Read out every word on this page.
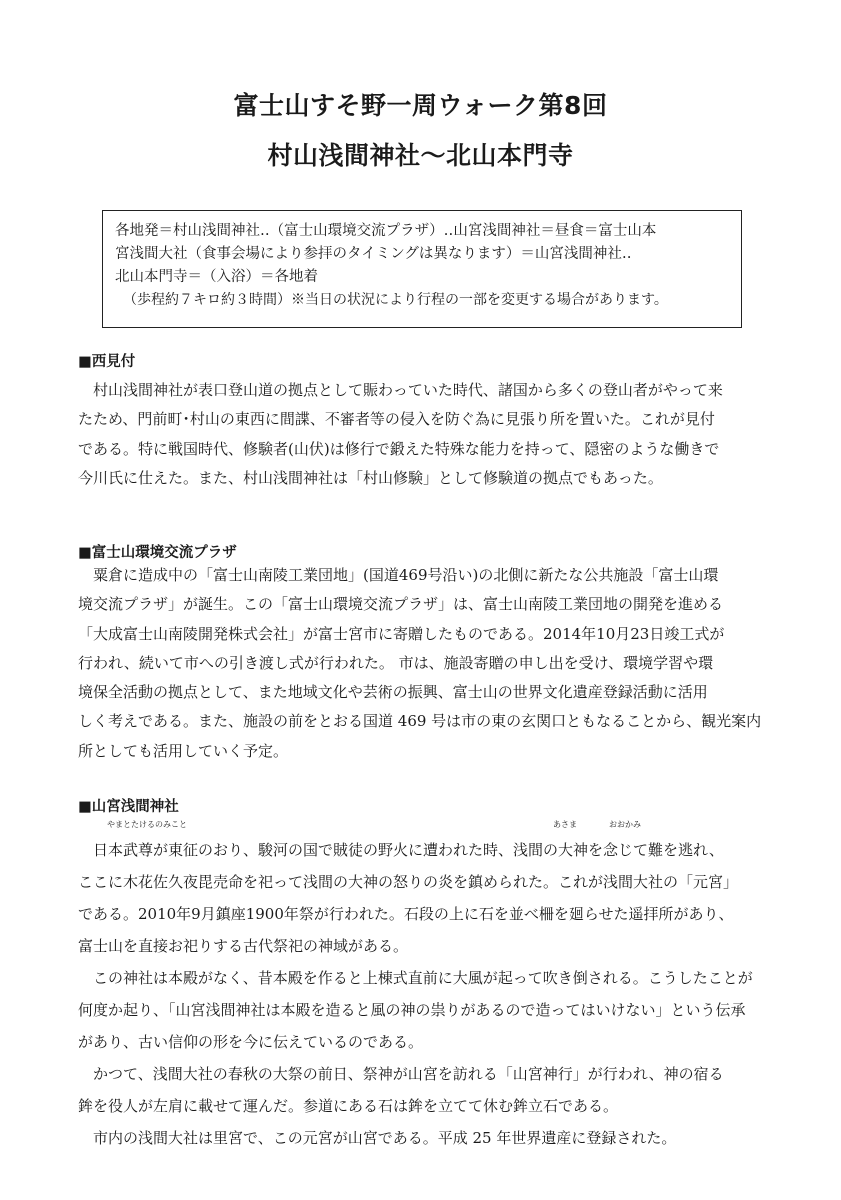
富士山すそ野一周ウォーク第8回
村山浅間神社～北山本門寺

各地発＝村山浅間神社‥（富士山環境交流プラザ）‥山宮浅間神社＝昼食＝富士山本

宮浅間大社（食事会場により参拝のタイミングは異なります）＝山宮浅間神社‥

北山本門寺＝（入浴）＝各地着

（歩程約７キロ約３時間）※当日の状況により行程の一部を変更する場合があります。

■西見付

村山浅間神社が表口登山道の拠点として賑わっていた時代、諸国から多くの登山者がやって来

たため、門前町･村山の東西に間諜、不審者等の侵入を防ぐ為に見張り所を置いた。これが見付

である。特に戦国時代、修験者(山伏)は修行で鍛えた特殊な能力を持って、隠密のような働きで

今川氏に仕えた。また、村山浅間神社は「村山修験」として修験道の拠点でもあった。

■富士山環境交流プラザ

粟倉に造成中の「富士山南陵工業団地」(国道469号沿い)の北側に新たな公共施設「富士山環

境交流プラザ」が誕生。この「富士山環境交流プラザ」は、富士山南陵工業団地の開発を進める

「大成富士山南陵開発株式会社」が富士宮市に寄贈したものである。2014年10月23日竣工式が

行われ、続いて市への引き渡し式が行われた。 市は、施設寄贈の申し出を受け、環境学習や環

境保全活動の拠点として、また地域文化や芸術の振興、富士山の世界文化遺産登録活動に活用

しく考えである。また、施設の前をとおる国道 469 号は市の東の玄関口ともなることから、観光案内

所としても活用していく予定。

■山宮浅間神社

やまとたけるのみこと	あさま	おおかみ
日本武尊が東征のおり、駿河の国で賊徒の野火に遭われた時、浅間の大神を念じて難を逃れ、

ここに木花佐久夜毘売命を祀って浅間の大神の怒りの炎を鎮められた。これが浅間大社の「元宮」

である。2010年9月鎮座1900年祭が行われた。石段の上に石を並べ柵を廻らせた遥拝所があり、

富士山を直接お祀りする古代祭祀の神域がある。

この神社は本殿がなく、昔本殿を作ると上棟式直前に大風が起って吹き倒される。こうしたことが

何度か起り、「山宮浅間神社は本殿を造ると風の神の祟りがあるので造ってはいけない」という伝承

があり、古い信仰の形を今に伝えているのである。

かつて、浅間大社の春秋の大祭の前日、祭神が山宮を訪れる「山宮神行」が行われ、神の宿る

鉾を役人が左肩に載せて運んだ。参道にある石は鉾を立てて休む鉾立石である。

市内の浅間大社は里宮で、この元宮が山宮である。平成 25 年世界遺産に登録された。
